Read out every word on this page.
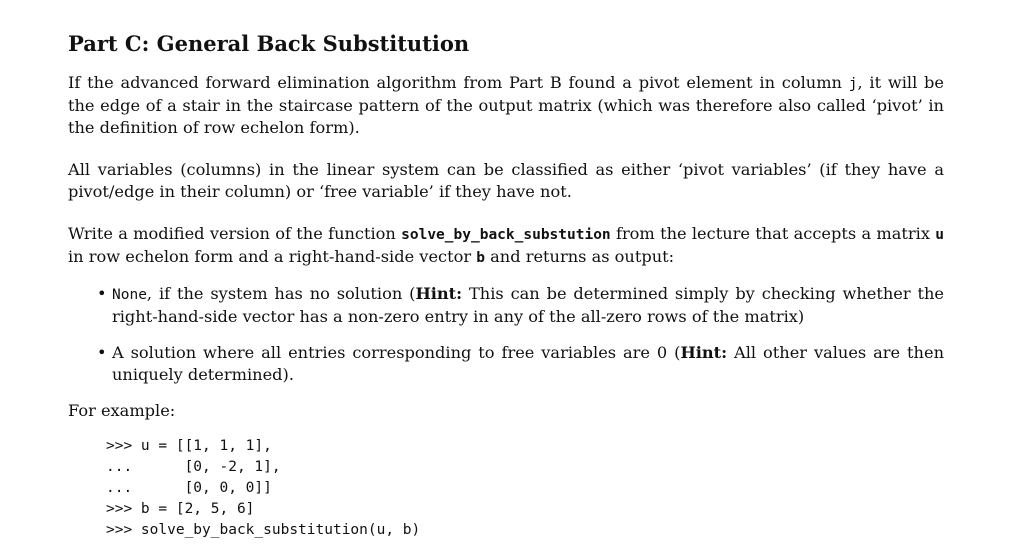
Part C: General Back Substitution

If the advanced forward elimination algorithm from Part B found a pivot element in column j, it will be the edge of a stair in the staircase pattern of the output matrix (which was therefore also called ‘pivot’ in the definition of row echelon form).

All variables (columns) in the linear system can be classified as either ‘pivot variables’ (if they have a pivot/edge in their column) or ‘free variable’ if they have not.

Write a modified version of the function solve_by_back_substution from the lecture that accepts a matrix u in row echelon form and a right-hand-side vector b and returns as output:

• None, if the system has no solution (Hint: This can be determined simply by checking whether the right-hand-side vector has a non-zero entry in any of the all-zero rows of the matrix)
• A solution where all entries corresponding to free variables are 0 (Hint: All other values are then uniquely determined).

For example:

>>> u = [[1, 1, 1],
...      [0, -2, 1],
...      [0, 0, 0]]
>>> b = [2, 5, 6]
>>> solve_by_back_substitution(u, b)
